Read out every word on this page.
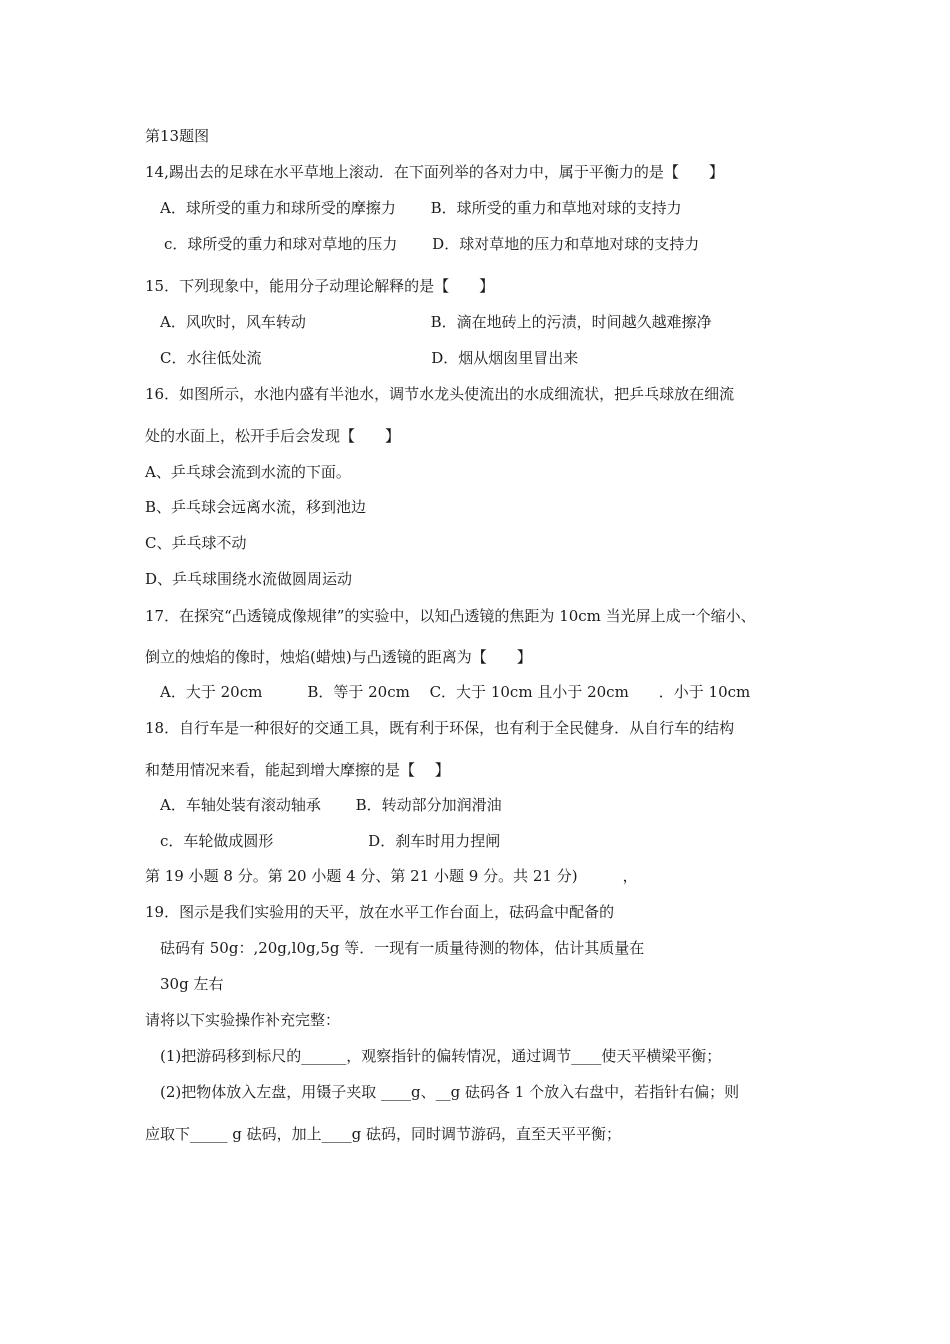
第13题图
14,踢出去的足球在水平草地上滚动．在下面列举的各对力中，属于平衡力的是【　　】
A．球所受的重力和球所受的摩擦力　　 B．球所受的重力和草地对球的支持力
c．球所受的重力和球对草地的压力　　 D．球对草地的压力和草地对球的支持力
15．下列现象中，能用分子动理论解释的是【　　】
A．风吹时，风车转动　　　　　　　　 B．滴在地砖上的污渍，时间越久越难擦净
C．水往低处流　　　　　　　　　　　 D．烟从烟囱里冒出来
16．如图所示，水池内盛有半池水，调节水龙头使流出的水成细流状，把乒乓球放在细流
处的水面上，松开手后会发现【　　】
A、乒乓球会流到水流的下面。
B、乒乓球会远离水流，移到池边
C、乒乓球不动
D、乒乓球围绕水流做圆周运动
17．在探究“凸透镜成像规律”的实验中，以知凸透镜的焦距为 10cm 当光屏上成一个缩小、
倒立的烛焰的像时，烛焰(蜡烛)与凸透镜的距离为【　　】
A．大于 20cm　　　B．等于 20cm　 C．大于 10cm 且小于 20cm　　．小于 10cm
18．自行车是一种很好的交通工具，既有利于环保，也有利于全民健身．从自行车的结构
和楚用情况来看，能起到增大摩擦的是【　 】
A．车轴处装有滚动轴承　　 B．转动部分加润滑油
c．车轮做成圆形　　　　　　 D．刹车时用力捏闸
第 19 小题 8 分。第 20 小题 4 分、第 21 小题 9 分。共 21 分)　　　，
19．图示是我们实验用的天平，放在水平工作台面上，砝码盒中配备的
砝码有 50g：,20g,l0g,5g 等．一现有一质量待测的物体，估计其质量在
30g 左右
请将以下实验操作补充完整：
(1)把游码移到标尺的______，观察指针的偏转情况，通过调节____使天平横梁平衡；
(2)把物体放入左盘，用镊子夹取 ____g、__g 砝码各 1 个放入右盘中，若指针右偏；则
应取下_____ g 砝码，加上____g 砝码，同时调节游码，直至天平平衡；
